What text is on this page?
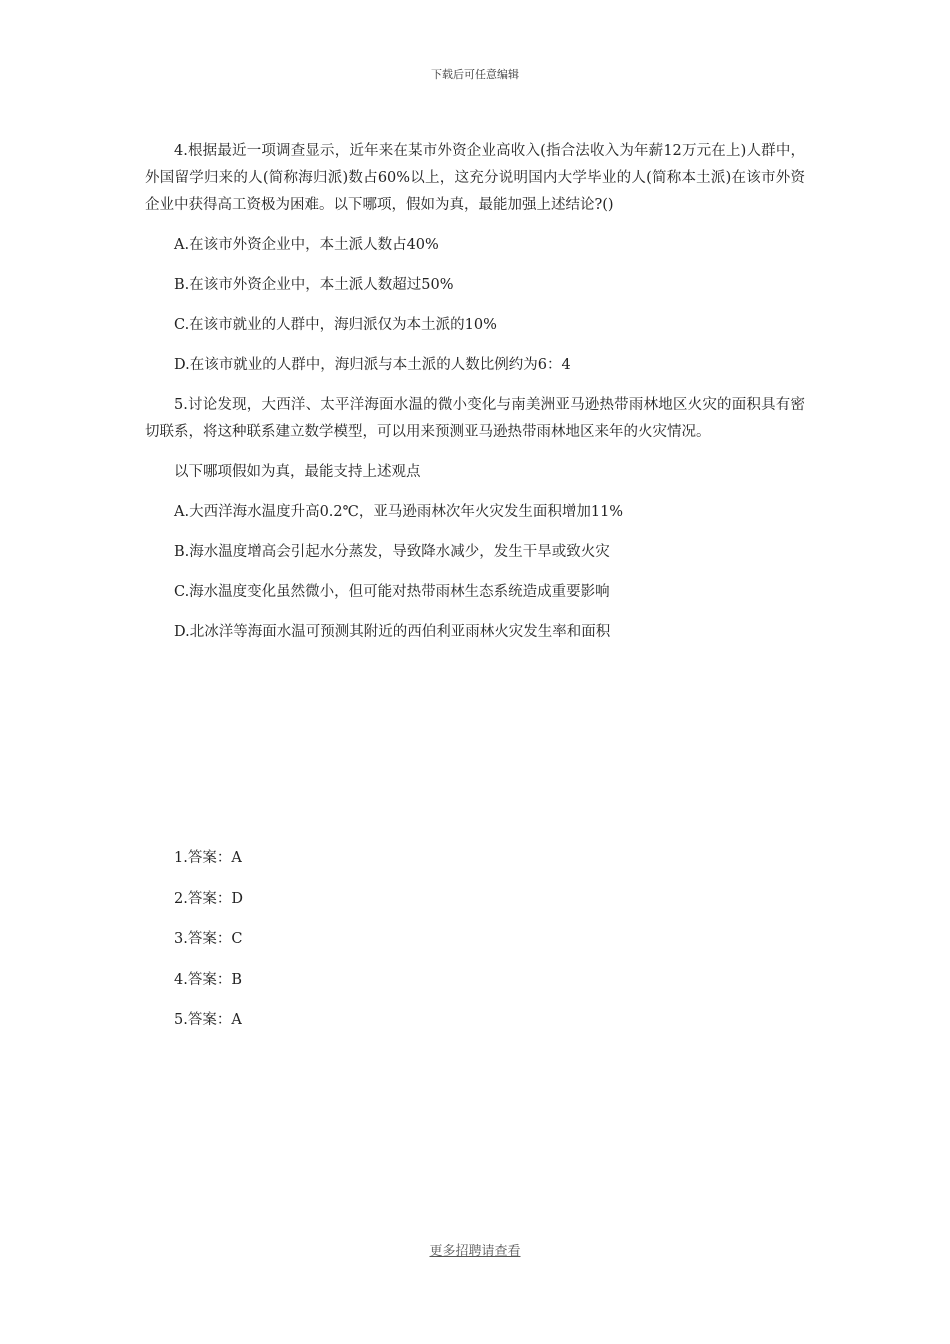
下载后可任意编辑

4.根据最近一项调查显示，近年来在某市外资企业高收入(指合法收入为年薪12万元在上)人群中，外国留学归来的人(简称海归派)数占60%以上，这充分说明国内大学毕业的人(简称本土派)在该市外资企业中获得高工资极为困难。以下哪项，假如为真，最能加强上述结论?()

A.在该市外资企业中，本土派人数占40%

B.在该市外资企业中，本土派人数超过50%

C.在该市就业的人群中，海归派仅为本土派的10%

D.在该市就业的人群中，海归派与本土派的人数比例约为6：4

5.讨论发现，大西洋、太平洋海面水温的微小变化与南美洲亚马逊热带雨林地区火灾的面积具有密切联系，将这种联系建立数学模型，可以用来预测亚马逊热带雨林地区来年的火灾情况。

以下哪项假如为真，最能支持上述观点

A.大西洋海水温度升高0.2℃，亚马逊雨林次年火灾发生面积增加11%

B.海水温度增高会引起水分蒸发，导致降水减少，发生干旱或致火灾

C.海水温度变化虽然微小，但可能对热带雨林生态系统造成重要影响

D.北冰洋等海面水温可预测其附近的西伯利亚雨林火灾发生率和面积

1.答案：A

2.答案：D

3.答案：C

4.答案：B

5.答案：A

更多招聘请查看
